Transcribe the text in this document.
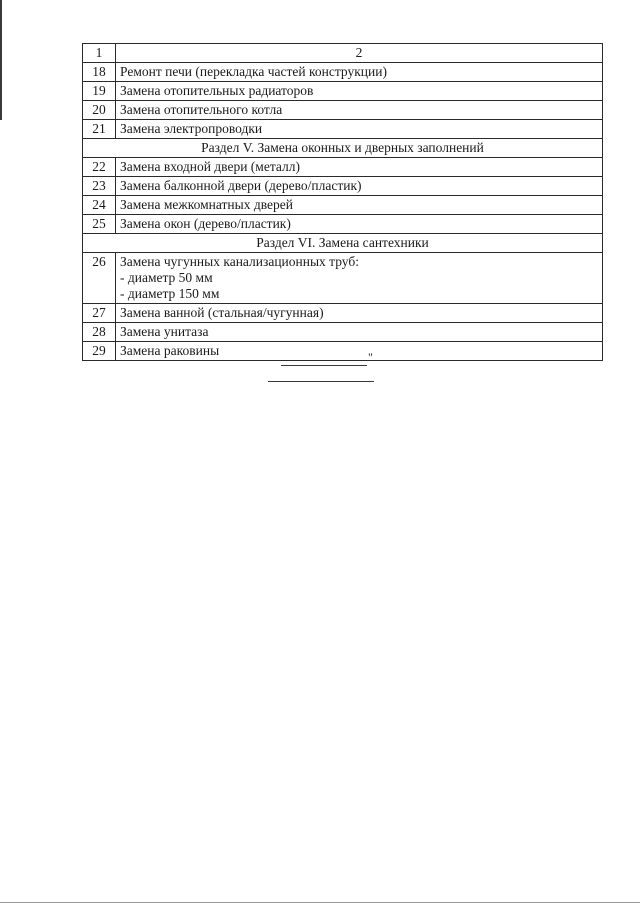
1	2
18	Ремонт печи (перекладка частей конструкции)
19	Замена отопительных радиаторов
20	Замена отопительного котла
21	Замена электропроводки
Раздел V. Замена оконных и дверных заполнений	
22	Замена входной двери (металл)
23	Замена балконной двери (дерево/пластик)
24	Замена межкомнатных дверей
25	Замена окон (дерево/пластик)
Раздел VI. Замена сантехники	
26	Замена чугунных канализационных труб:
- диаметр 50 мм
- диаметр 150 мм

27	Замена ванной (стальная/чугунная)
28	Замена унитаза
29	Замена раковины	"
